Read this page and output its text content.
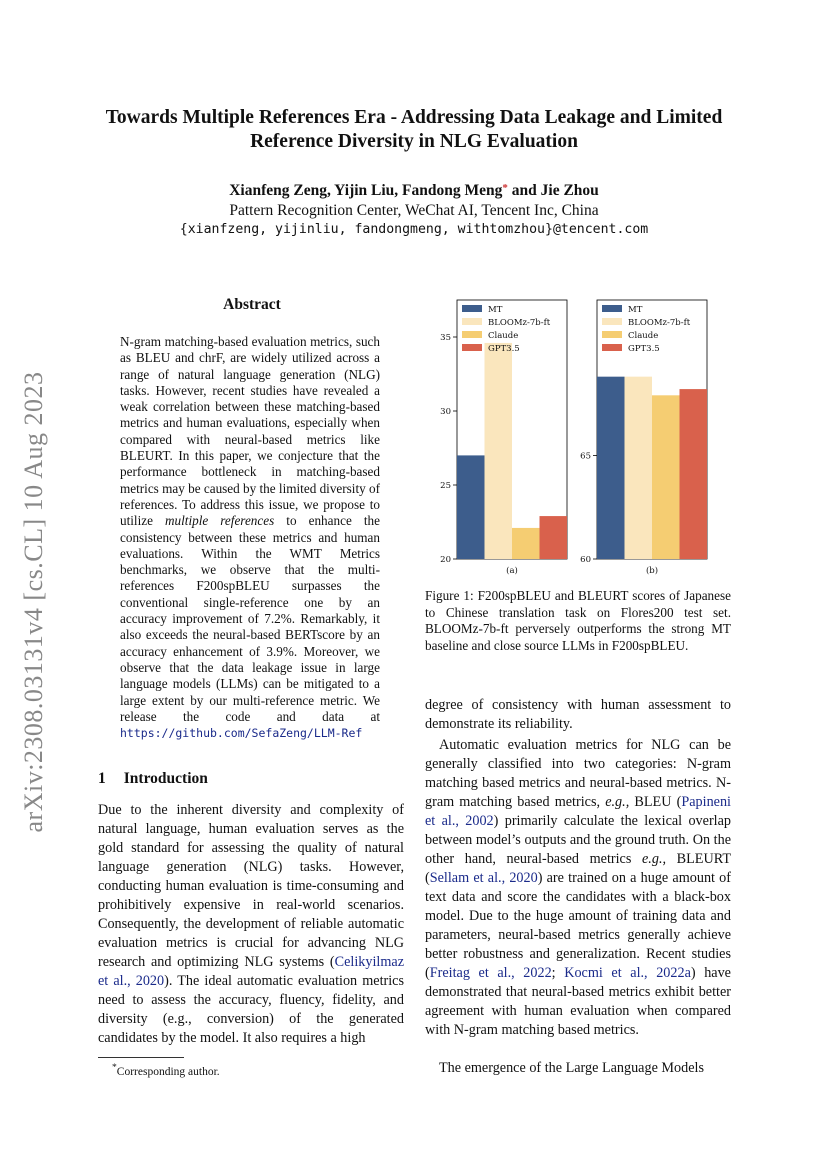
arXiv:2308.03131v4 [cs.CL] 10 Aug 2023
Towards Multiple References Era - Addressing Data Leakage and Limited
Reference Diversity in NLG Evaluation
Xianfeng Zeng, Yijin Liu, Fandong Meng* and Jie Zhou
Pattern Recognition Center, WeChat AI, Tencent Inc, China
{xianfzeng, yijinliu, fandongmeng, withtomzhou}@tencent.com
Abstract
N-gram matching-based evaluation metrics, such as BLEU and chrF, are widely utilized across a range of natural language generation (NLG) tasks. However, recent studies have revealed a weak correlation between these matching-based metrics and human evaluations, especially when compared with neural-based metrics like BLEURT. In this paper, we conjecture that the performance bottleneck in matching-based metrics may be caused by the limited diversity of references. To address this issue, we propose to utilize multiple references to enhance the consistency between these metrics and human evaluations. Within the WMT Metrics benchmarks, we observe that the multi-references F200spBLEU surpasses the conventional single-reference one by an accuracy improvement of 7.2%. Remarkably, it also exceeds the neural-based BERTscore by an accuracy enhancement of 3.9%. Moreover, we observe that the data leakage issue in large language models (LLMs) can be mitigated to a large extent by our multi-reference metric. We release the code and data at https://github.com/SefaZeng/LLM-Ref
1 Introduction
Due to the inherent diversity and complexity of natural language, human evaluation serves as the gold standard for assessing the quality of natural language generation (NLG) tasks. However, conducting human evaluation is time-consuming and prohibitively expensive in real-world scenarios. Consequently, the development of reliable automatic evaluation metrics is crucial for advancing NLG research and optimizing NLG systems (Celikyilmaz et al., 2020). The ideal automatic evaluation metrics need to assess the accuracy, fluency, fidelity, and diversity (e.g., conversion) of the generated candidates by the model. It also requires a high
*Corresponding author.
20
25
30
35
MT
BLOOMz-7b-ft
Claude
GPT3.5
(a)
60
65
MT
BLOOMz-7b-ft
Claude
GPT3.5
(b)
Figure 1: F200spBLEU and BLEURT scores of Japanese to Chinese translation task on Flores200 test set. BLOOMz-7b-ft perversely outperforms the strong MT baseline and close source LLMs in F200spBLEU.
degree of consistency with human assessment to demonstrate its reliability.
Automatic evaluation metrics for NLG can be generally classified into two categories: N-gram matching based metrics and neural-based metrics. N-gram matching based metrics, e.g., BLEU (Papineni et al., 2002) primarily calculate the lexical overlap between model’s outputs and the ground truth. On the other hand, neural-based metrics e.g., BLEURT (Sellam et al., 2020) are trained on a huge amount of text data and score the candidates with a black-box model. Due to the huge amount of training data and parameters, neural-based metrics generally achieve better robustness and generalization. Recent studies (Freitag et al., 2022; Kocmi et al., 2022a) have demonstrated that neural-based metrics exhibit better agreement with human evaluation when compared with N-gram matching based metrics.
The emergence of the Large Language Models
